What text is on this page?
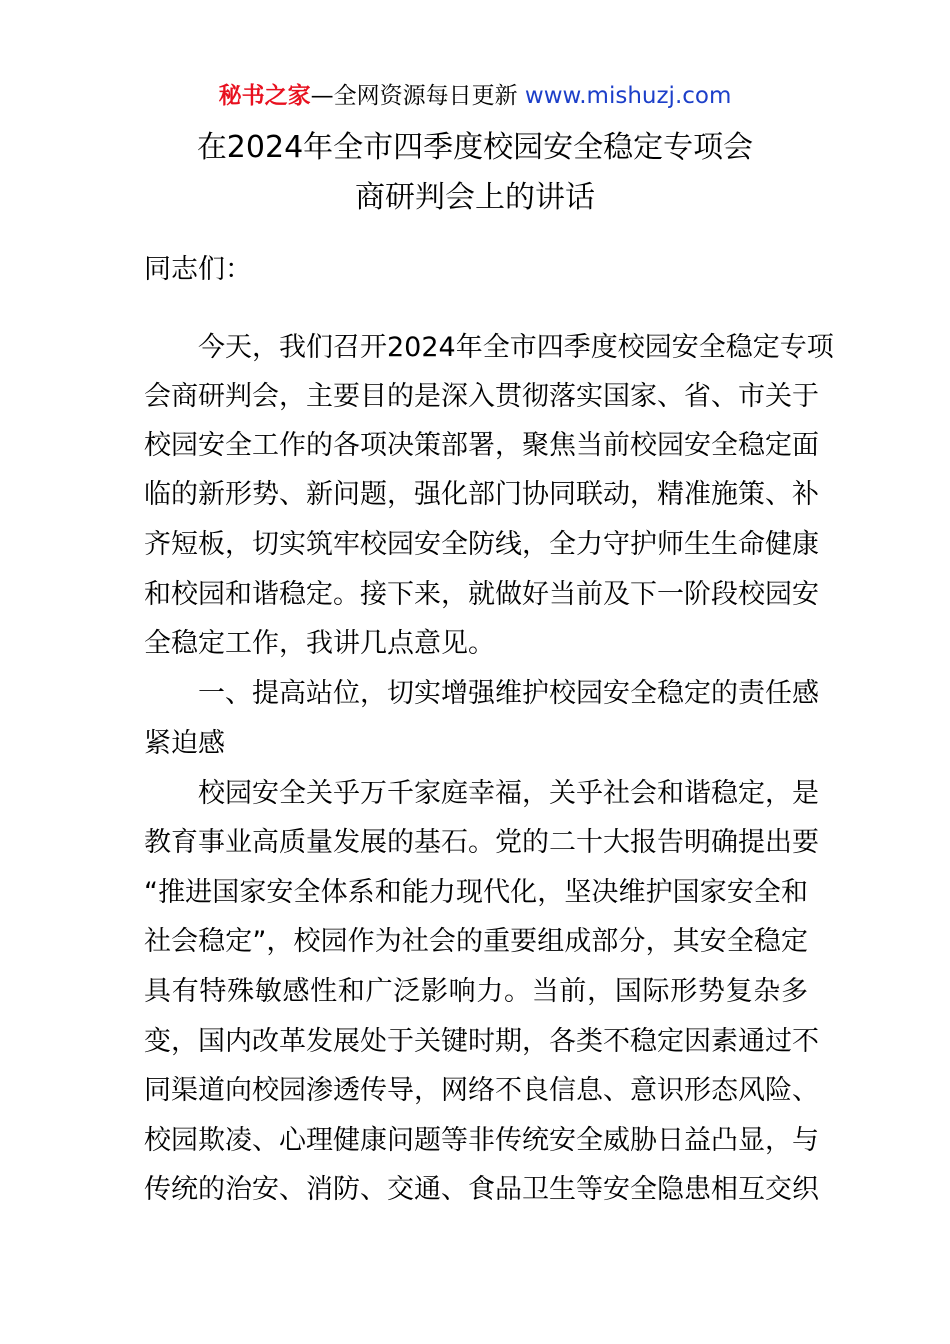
秘书之家—全网资源每日更新 www.mishuzj.com
在2024年全市四季度校园安全稳定专项会
商研判会上的讲话
同志们：
今天，我们召开2024年全市四季度校园安全稳定专项
会商研判会，主要目的是深入贯彻落实国家、省、市关于
校园安全工作的各项决策部署，聚焦当前校园安全稳定面
临的新形势、新问题，强化部门协同联动，精准施策、补
齐短板，切实筑牢校园安全防线，全力守护师生生命健康
和校园和谐稳定。接下来，就做好当前及下一阶段校园安
全稳定工作，我讲几点意见。
一、提高站位，切实增强维护校园安全稳定的责任感
紧迫感
校园安全关乎万千家庭幸福，关乎社会和谐稳定，是
教育事业高质量发展的基石。党的二十大报告明确提出要
“推进国家安全体系和能力现代化，坚决维护国家安全和
社会稳定”，校园作为社会的重要组成部分，其安全稳定
具有特殊敏感性和广泛影响力。当前，国际形势复杂多
变，国内改革发展处于关键时期，各类不稳定因素通过不
同渠道向校园渗透传导，网络不良信息、意识形态风险、
校园欺凌、心理健康问题等非传统安全威胁日益凸显，与
传统的治安、消防、交通、食品卫生等安全隐患相互交织
